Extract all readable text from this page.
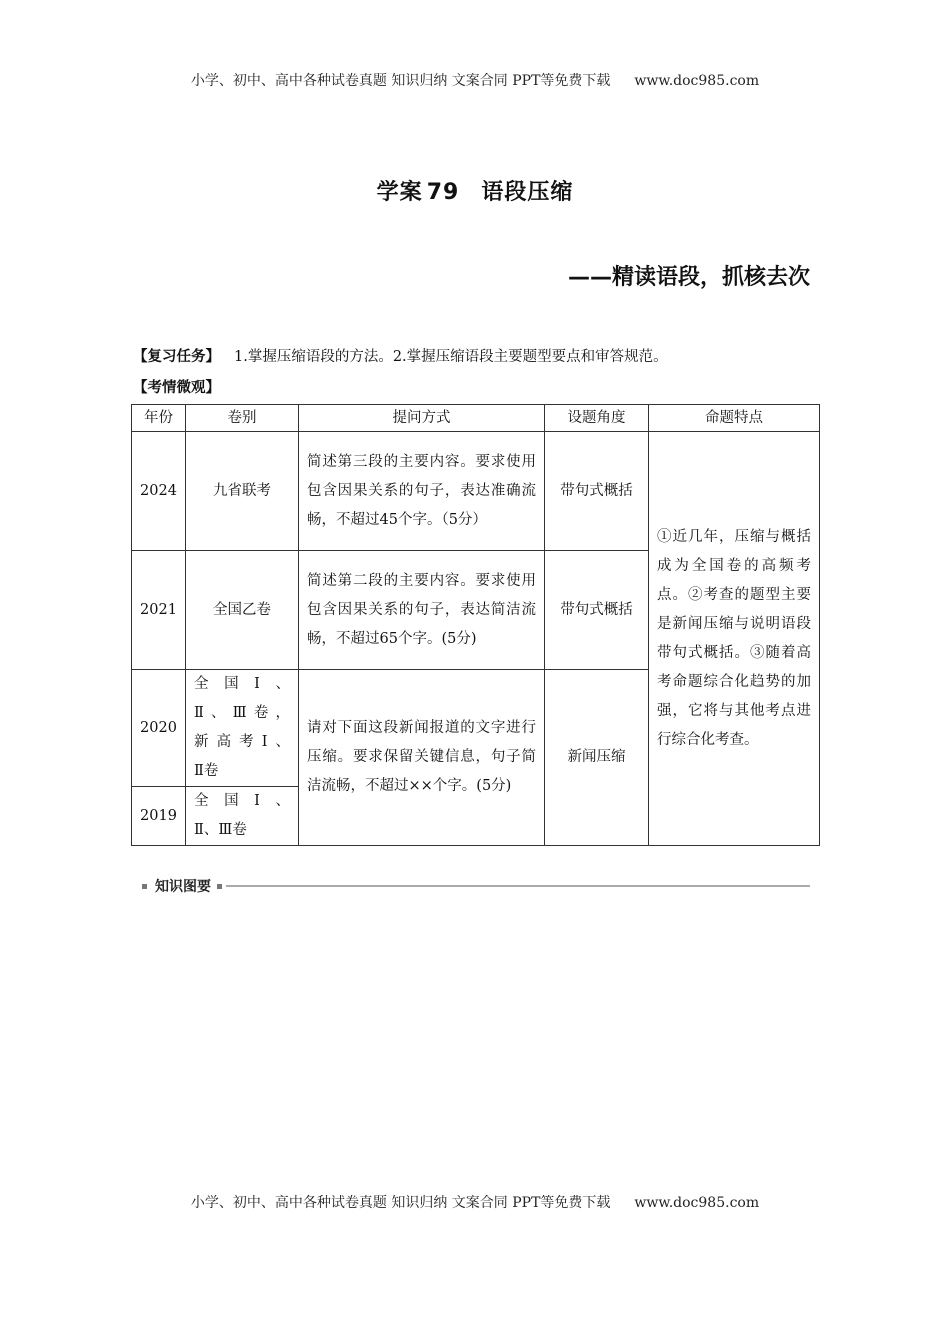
小学、初中、高中各种试卷真题 知识归纳 文案合同 PPT等免费下载 www.doc985.com
学案 79 语段压缩
——精读语段，抓核去次
【复习任务】 1.掌握压缩语段的方法。2.掌握压缩语段主要题型要点和审答规范。
【考情微观】
年份	卷别	提问方式	设题角度	命题特点
2024	九省联考	简述第三段的主要内容。要求使用包含因果关系的句子，表达准确流畅，不超过45个字。（5分）	带句式概括	①近几年，压缩与概括成为全国卷的高频考点。②考查的题型主要是新闻压缩与说明语段带句式概括。③随着高考命题综合化趋势的加强，它将与其他考点进行综合化考查。
2021	全国乙卷	简述第二段的主要内容。要求使用包含因果关系的句子，表达简洁流畅，不超过65个字。(5分)	带句式概括	
2020	全国Ⅰ、
Ⅱ、Ⅲ卷，
新高考Ⅰ、
Ⅱ卷	请对下面这段新闻报道的文字进行压缩。要求保留关键信息，句子简洁流畅，不超过××个字。(5分)	新闻压缩	
2019	全国Ⅰ、
Ⅱ、Ⅲ卷			
知识图要
小学、初中、高中各种试卷真题 知识归纳 文案合同 PPT等免费下载 www.doc985.com
